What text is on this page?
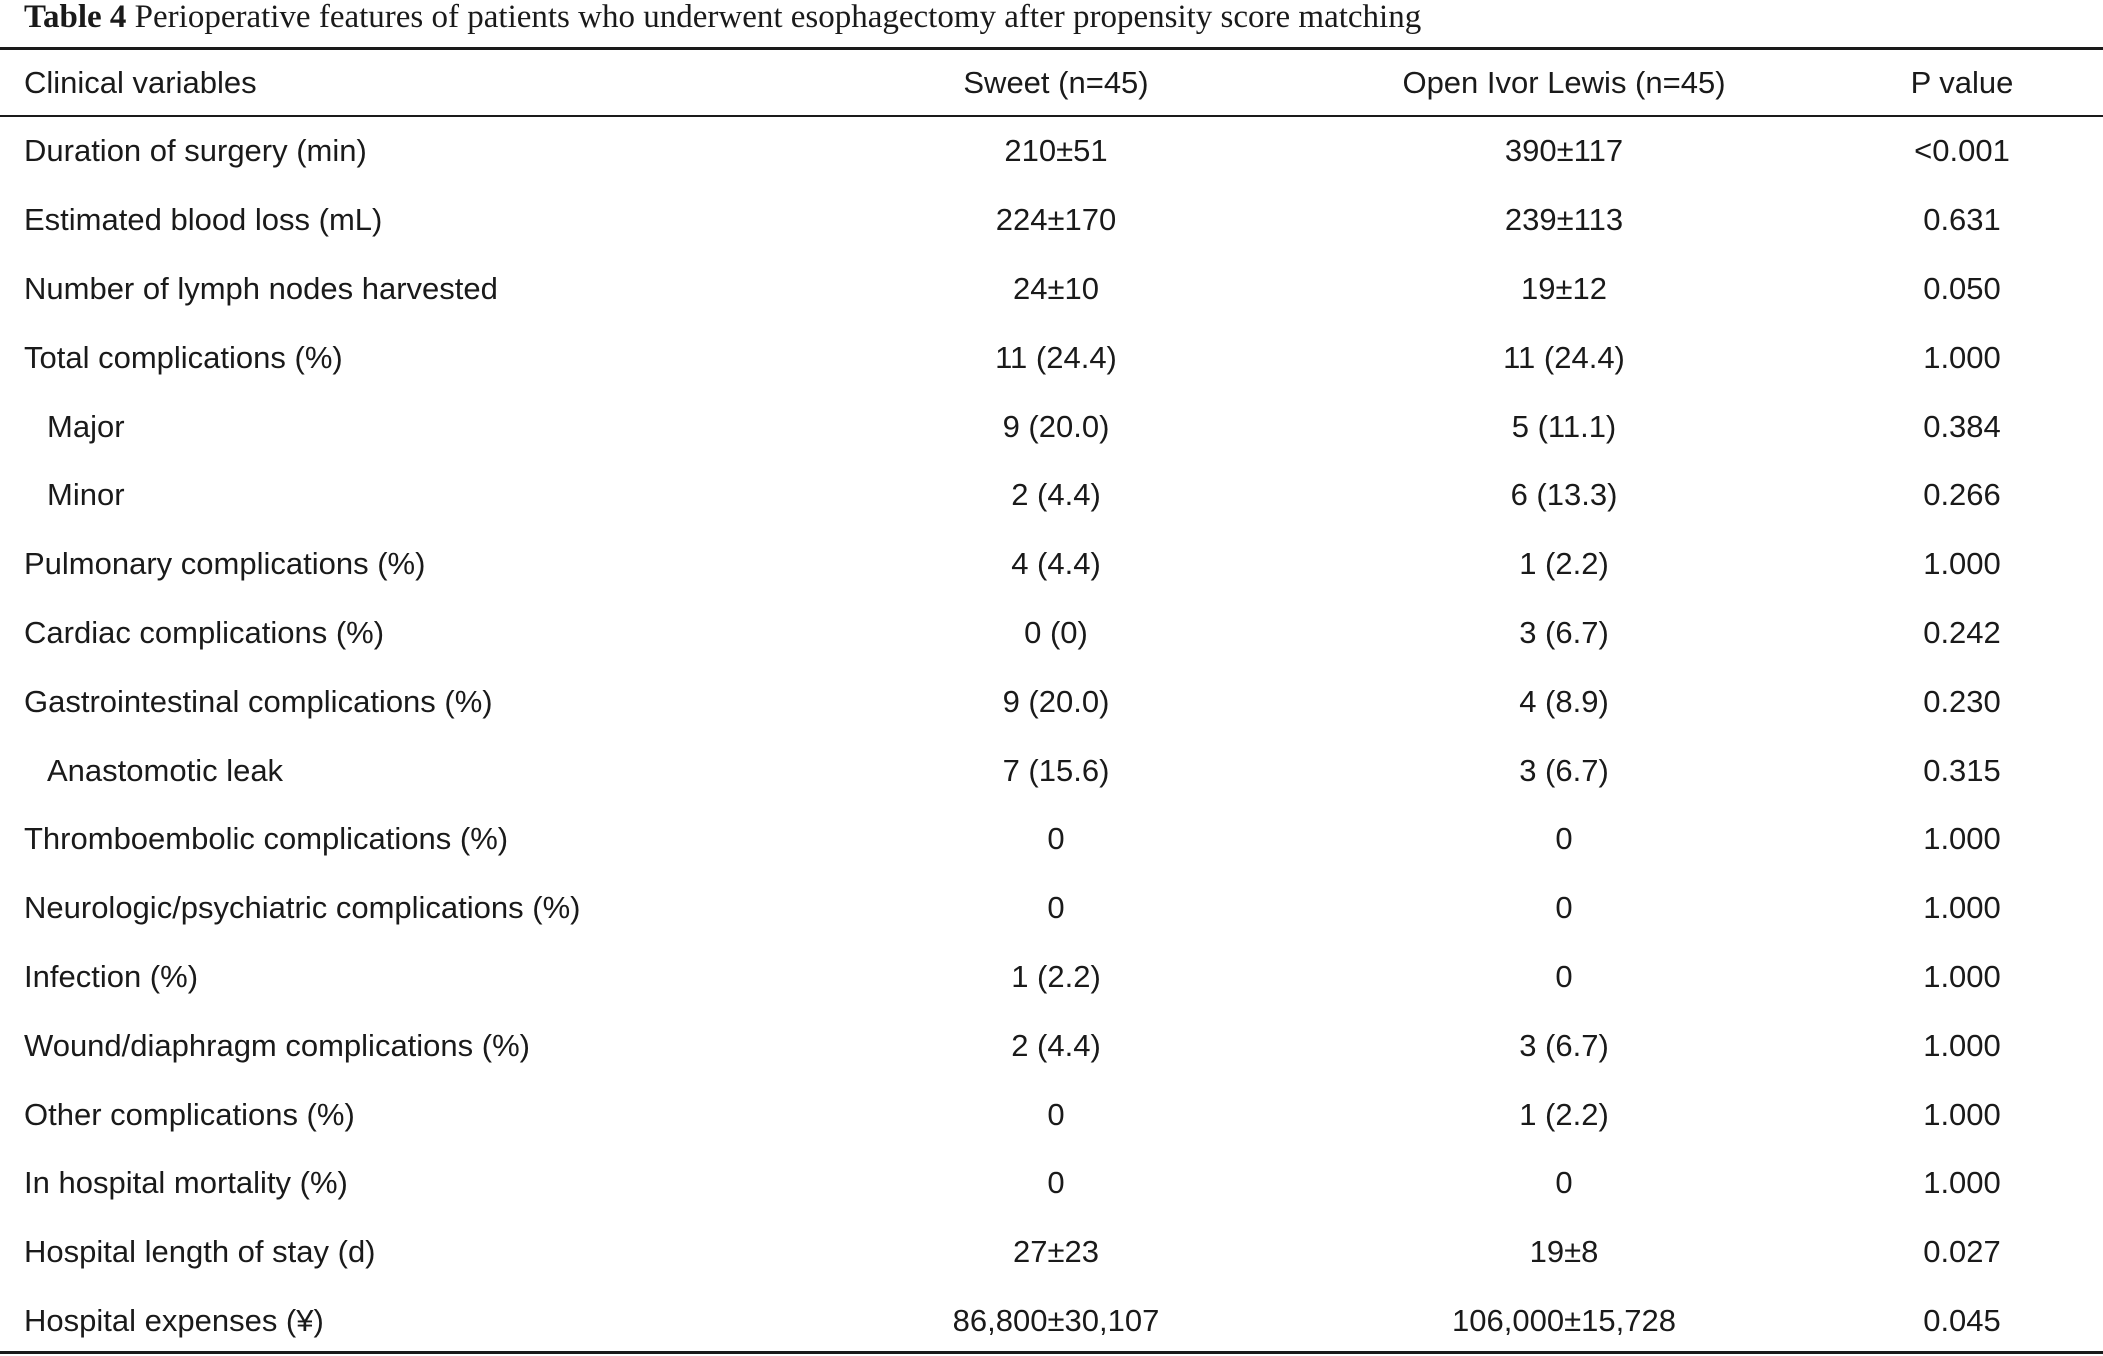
Table 4 Perioperative features of patients who underwent esophagectomy after propensity score matching
Clinical variables	Sweet (n=45)	Open Ivor Lewis (n=45)	P value
Duration of surgery (min)	210±51	390±117	<0.001
Estimated blood loss (mL)	224±170	239±113	0.631
Number of lymph nodes harvested	24±10	19±12	0.050
Total complications (%)	11 (24.4)	11 (24.4)	1.000
Major	9 (20.0)	5 (11.1)	0.384
Minor	2 (4.4)	6 (13.3)	0.266
Pulmonary complications (%)	4 (4.4)	1 (2.2)	1.000
Cardiac complications (%)	0 (0)	3 (6.7)	0.242
Gastrointestinal complications (%)	9 (20.0)	4 (8.9)	0.230
Anastomotic leak	7 (15.6)	3 (6.7)	0.315
Thromboembolic complications (%)	0	0	1.000
Neurologic/psychiatric complications (%)	0	0	1.000
Infection (%)	1 (2.2)	0	1.000
Wound/diaphragm complications (%)	2 (4.4)	3 (6.7)	1.000
Other complications (%)	0	1 (2.2)	1.000
In hospital mortality (%)	0	0	1.000
Hospital length of stay (d)	27±23	19±8	0.027
Hospital expenses (¥)	86,800±30,107	106,000±15,728	0.045
